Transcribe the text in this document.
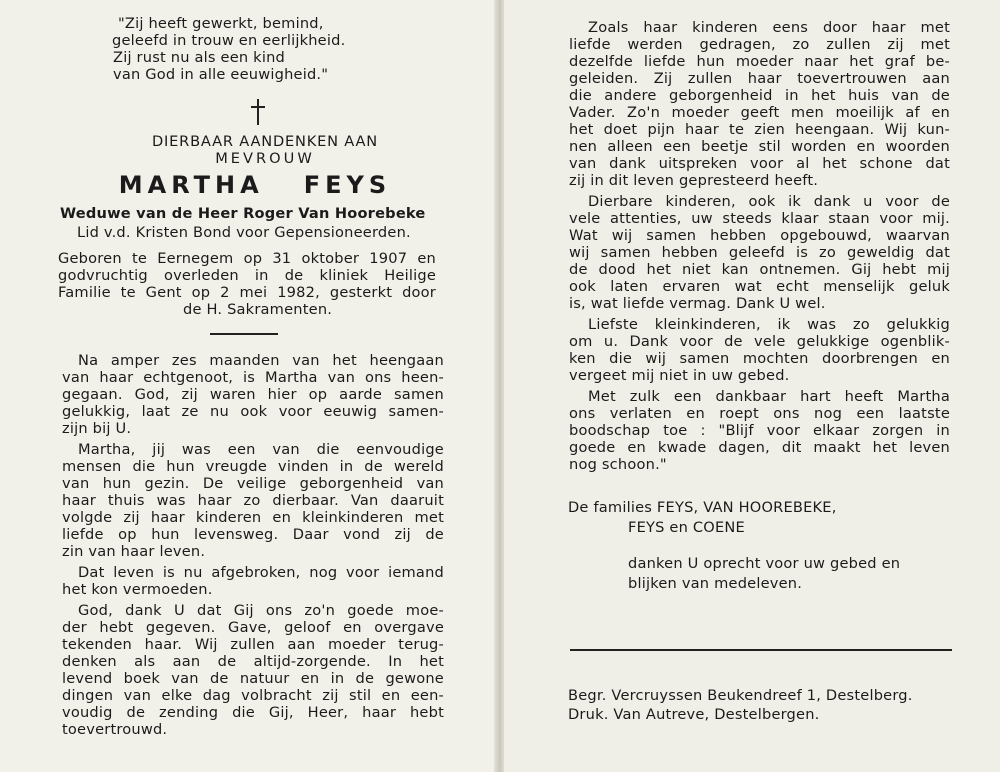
"Zij heeft gewerkt, bemind,
geleefd in trouw en eerlijkheid.
Zij rust nu als een kind
van God in alle eeuwigheid."
DIERBAAR AANDENKEN AAN
MEVROUW
MARTHA   FEYS
Weduwe van de Heer Roger Van Hoorebeke
Lid v.d. Kristen Bond voor Gepensioneerden.
Geboren te Eernegem op 31 oktober 1907 en
godvruchtig overleden in de kliniek Heilige
Familie te Gent op 2 mei 1982, gesterkt door
de H. Sakramenten.
Na amper zes maanden van het heengaan
van haar echtgenoot, is Martha van ons heen-
gegaan. God, zij waren hier op aarde samen
gelukkig, laat ze nu ook voor eeuwig samen-
zijn bij U.
Martha, jij was een van die eenvoudige
mensen die hun vreugde vinden in de wereld
van hun gezin. De veilige geborgenheid van
haar thuis was haar zo dierbaar. Van daaruit
volgde zij haar kinderen en kleinkinderen met
liefde op hun levensweg. Daar vond zij de
zin van haar leven.
Dat leven is nu afgebroken, nog voor iemand
het kon vermoeden.
God, dank U dat Gij ons zo'n goede moe-
der hebt gegeven. Gave, geloof en overgave
tekenden haar. Wij zullen aan moeder terug-
denken als aan de altijd-zorgende. In het
levend boek van de natuur en in de gewone
dingen van elke dag volbracht zij stil en een-
voudig de zending die Gij, Heer, haar hebt
toevertrouwd.
Zoals haar kinderen eens door haar met
liefde werden gedragen, zo zullen zij met
dezelfde liefde hun moeder naar het graf be-
geleiden. Zij zullen haar toevertrouwen aan
die andere geborgenheid in het huis van de
Vader. Zo'n moeder geeft men moeilijk af en
het doet pijn haar te zien heengaan. Wij kun-
nen alleen een beetje stil worden en woorden
van dank uitspreken voor al het schone dat
zij in dit leven gepresteerd heeft.
Dierbare kinderen, ook ik dank u voor de
vele attenties, uw steeds klaar staan voor mij.
Wat wij samen hebben opgebouwd, waarvan
wij samen hebben geleefd is zo geweldig dat
de dood het niet kan ontnemen. Gij hebt mij
ook laten ervaren wat echt menselijk geluk
is, wat liefde vermag. Dank U wel.
Liefste kleinkinderen, ik was zo gelukkig
om u. Dank voor de vele gelukkige ogenblik-
ken die wij samen mochten doorbrengen en
vergeet mij niet in uw gebed.
Met zulk een dankbaar hart heeft Martha
ons verlaten en roept ons nog een laatste
boodschap toe : "Blijf voor elkaar zorgen in
goede en kwade dagen, dit maakt het leven
nog schoon."
De families FEYS, VAN HOOREBEKE,
FEYS en COENE
danken U oprecht voor uw gebed en
blijken van medeleven.
Begr. Vercruyssen Beukendreef 1, Destelberg.
Druk. Van Autreve, Destelbergen.
